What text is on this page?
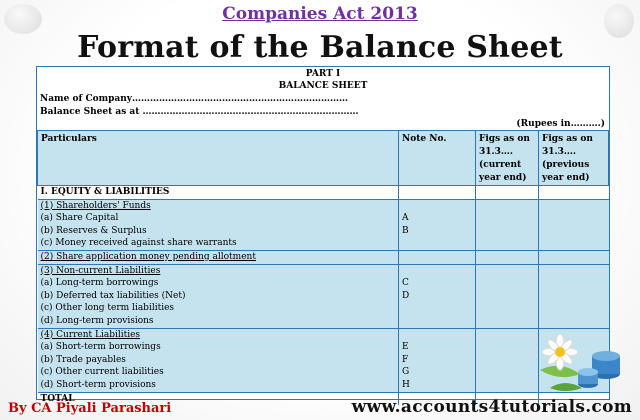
Companies Act 2013
Format of the Balance Sheet
PART I
BALANCE SHEET
Name of Company………………………………………………………………
Balance Sheet as at ………………………………………………………………
(Rupees in……….)
Particulars	Note No.	Figs as on 31.3….(current year end)	Figs as on 31.3….(previous year end)
I. EQUITY & LIABILITIES			
(1) Shareholders' Funds			
(a) Share Capital	A		
(b) Reserves & Surplus	B		
(c) Money received against share warrants			
(2) Share application money pending allotment			
(3) Non-current Liabilities			
(a) Long-term borrowings	C		
(b) Deferred tax liabilities (Net)	D		
(c) Other long term liabilities			
(d) Long-term provisions			
(4) Current Liabilities			
(a) Short-term borrowings	E		
(b) Trade payables	F		
(c) Other current liabilities	G		
(d) Short-term provisions	H		
TOTAL			
By CA Piyali Parashari	www.accounts4tutorials.com
